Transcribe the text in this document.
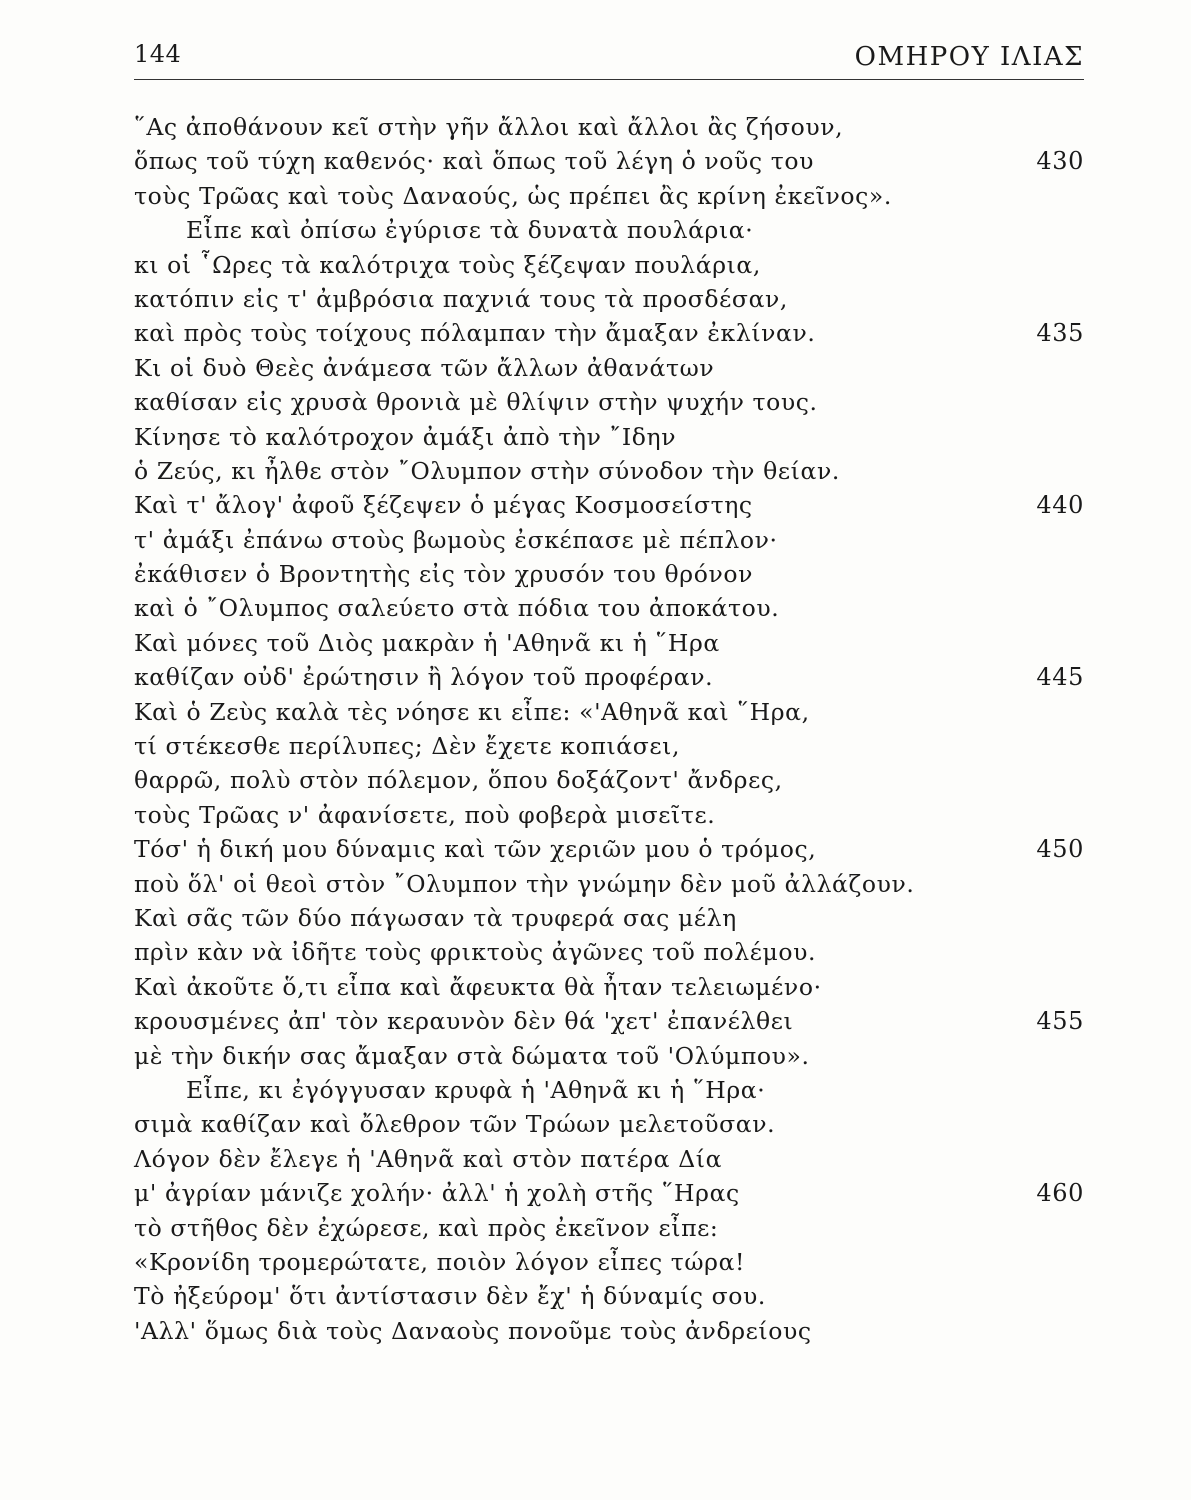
144	ΟΜΗΡΟΥ ΙΛΙΑΣ
῞Ας ἀποθάνουν κεῖ στὴν γῆν ἄλλοι καὶ ἄλλοι ἂς ζήσουν,
ὅπως τοῦ τύχη καθενός· καὶ ὅπως τοῦ λέγη ὁ νοῦς του	430
τοὺς Τρῶας καὶ τοὺς Δαναούς, ὡς πρέπει ἂς κρίνη ἐκεῖνος».
Εἶπε καὶ ὀπίσω ἐγύρισε τὰ δυνατὰ πουλάρια·
κι οἱ ῟Ωρες τὰ καλότριχα τοὺς ξέζεψαν πουλάρια,
κατόπιν εἰς τ' ἀμβρόσια παχνιά τους τὰ προσδέσαν,
καὶ πρὸς τοὺς τοίχους πόλαμπαν τὴν ἄμαξαν ἐκλίναν.	435
Κι οἱ δυὸ Θεὲς ἀνάμεσα τῶν ἄλλων ἀθανάτων
καθίσαν εἰς χρυσὰ θρονιὰ μὲ θλίψιν στὴν ψυχήν τους.
Κίνησε τὸ καλότροχον ἀμάξι ἀπὸ τὴν ῎Ιδην
ὁ Ζεύς, κι ἦλθε στὸν ῎Ολυμπον στὴν σύνοδον τὴν θείαν.
Καὶ τ' ἄλογ' ἀφοῦ ξέζεψεν ὁ μέγας Κοσμοσείστης	440
τ' ἀμάξι ἐπάνω στοὺς βωμοὺς ἐσκέπασε μὲ πέπλον·
ἐκάθισεν ὁ Βροντητὴς εἰς τὸν χρυσόν του θρόνον
καὶ ὁ ῎Ολυμπος σαλεύετο στὰ πόδια του ἀποκάτου.
Καὶ μόνες τοῦ Διὸς μακρὰν ἡ 'Αθηνᾶ κι ἡ ῞Ηρα
καθίζαν οὐδ' ἐρώτησιν ἢ λόγον τοῦ προφέραν.	445
Καὶ ὁ Ζεὺς καλὰ τὲς νόησε κι εἶπε: «'Αθηνᾶ καὶ ῞Ηρα,
τί στέκεσθε περίλυπες; Δὲν ἔχετε κοπιάσει,
θαρρῶ, πολὺ στὸν πόλεμον, ὅπου δοξάζοντ' ἄνδρες,
τοὺς Τρῶας ν' ἀφανίσετε, ποὺ φοβερὰ μισεῖτε.
Τόσ' ἡ δική μου δύναμις καὶ τῶν χεριῶν μου ὁ τρόμος,	450
ποὺ ὅλ' οἱ θεοὶ στὸν ῎Ολυμπον τὴν γνώμην δὲν μοῦ ἀλλάζουν.
Καὶ σᾶς τῶν δύο πάγωσαν τὰ τρυφερά σας μέλη
πρὶν κὰν νὰ ἰδῆτε τοὺς φρικτοὺς ἀγῶνες τοῦ πολέμου.
Καὶ ἀκοῦτε ὅ,τι εἶπα καὶ ἄφευκτα θὰ ἦταν τελειωμένο·
κρουσμένες ἀπ' τὸν κεραυνὸν δὲν θά 'χετ' ἐπανέλθει	455
μὲ τὴν δικήν σας ἄμαξαν στὰ δώματα τοῦ 'Ολύμπου».
Εἶπε, κι ἐγόγγυσαν κρυφὰ ἡ 'Αθηνᾶ κι ἡ ῞Ηρα·
σιμὰ καθίζαν καὶ ὄλεθρον τῶν Τρώων μελετοῦσαν.
Λόγον δὲν ἔλεγε ἡ 'Αθηνᾶ καὶ στὸν πατέρα Δία
μ' ἀγρίαν μάνιζε χολήν· ἀλλ' ἡ χολὴ στῆς ῞Ηρας	460
τὸ στῆθος δὲν ἐχώρεσε, καὶ πρὸς ἐκεῖνον εἶπε:
«Κρονίδη τρομερώτατε, ποιὸν λόγον εἶπες τώρα!
Τὸ ἠξεύρομ' ὅτι ἀντίστασιν δὲν ἔχ' ἡ δύναμίς σου.
'Αλλ' ὅμως διὰ τοὺς Δαναοὺς πονοῦμε τοὺς ἀνδρείους
